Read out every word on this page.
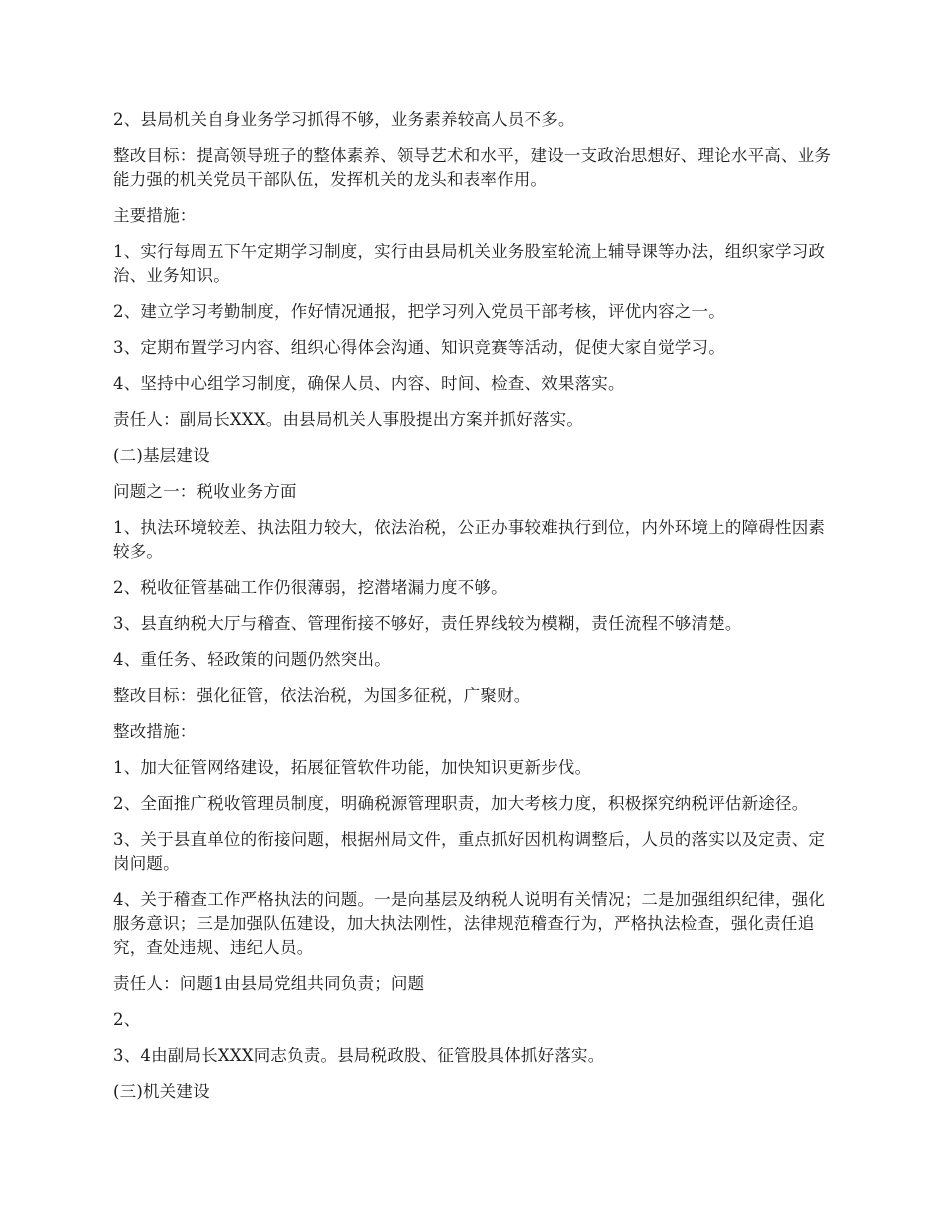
2、县局机关自身业务学习抓得不够，业务素养较高人员不多。

整改目标：提高领导班子的整体素养、领导艺术和水平，建设一支政治思想好、理论水平高、业务能力强的机关党员干部队伍，发挥机关的龙头和表率作用。

主要措施：

1、实行每周五下午定期学习制度，实行由县局机关业务股室轮流上辅导课等办法，组织家学习政治、业务知识。

2、建立学习考勤制度，作好情况通报，把学习列入党员干部考核，评优内容之一。

3、定期布置学习内容、组织心得体会沟通、知识竞赛等活动，促使大家自觉学习。

4、坚持中心组学习制度，确保人员、内容、时间、检查、效果落实。

责任人：副局长XXX。由县局机关人事股提出方案并抓好落实。

(二)基层建设

问题之一：税收业务方面

1、执法环境较差、执法阻力较大，依法治税，公正办事较难执行到位，内外环境上的障碍性因素较多。

2、税收征管基础工作仍很薄弱，挖潜堵漏力度不够。

3、县直纳税大厅与稽查、管理衔接不够好，责任界线较为模糊，责任流程不够清楚。

4、重任务、轻政策的问题仍然突出。

整改目标：强化征管，依法治税，为国多征税，广聚财。

整改措施：

1、加大征管网络建设，拓展征管软件功能，加快知识更新步伐。

2、全面推广税收管理员制度，明确税源管理职责，加大考核力度，积极探究纳税评估新途径。

3、关于县直单位的衔接问题，根据州局文件，重点抓好因机构调整后，人员的落实以及定责、定岗问题。

4、关于稽查工作严格执法的问题。一是向基层及纳税人说明有关情况；二是加强组织纪律，强化服务意识；三是加强队伍建设，加大执法刚性，法律规范稽查行为，严格执法检查，强化责任追究，查处违规、违纪人员。

责任人：问题1由县局党组共同负责；问题

2、

3、4由副局长XXX同志负责。县局税政股、征管股具体抓好落实。

(三)机关建设
